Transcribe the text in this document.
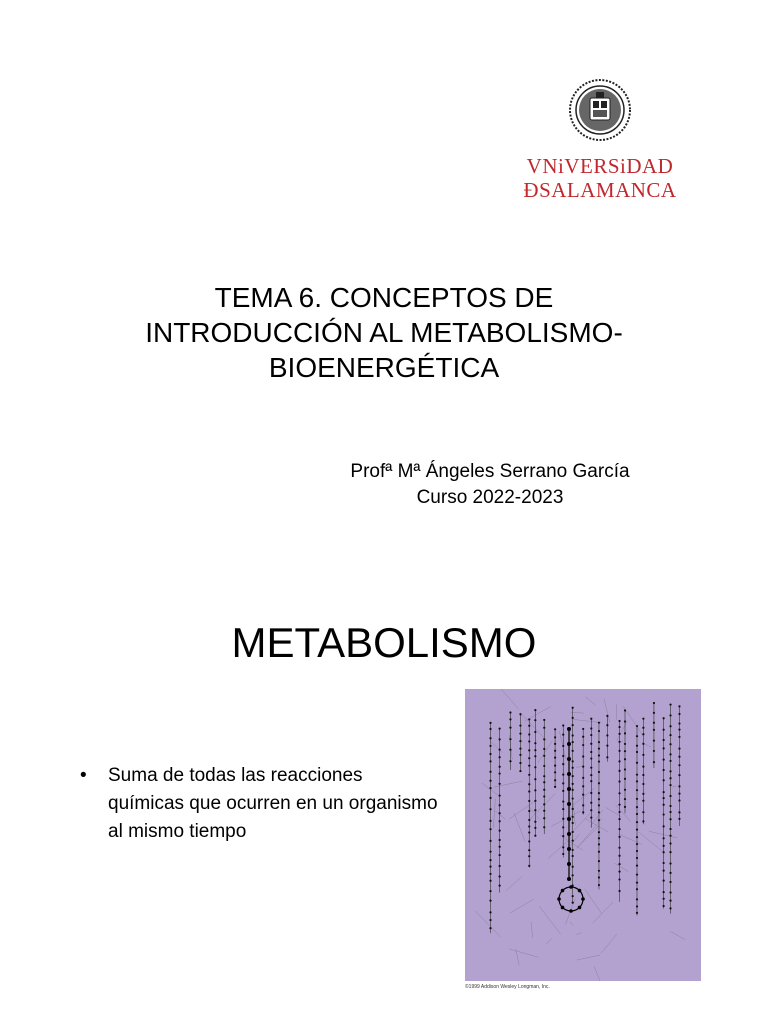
VNiVERSiDAD
ÐSALAMANCA
TEMA 6. CONCEPTOS DE
INTRODUCCIÓN AL METABOLISMO-
BIOENERGÉTICA
Profª Mª Ángeles Serrano García
Curso 2022-2023
METABOLISMO
• Suma de todas las reacciones químicas que ocurren en un organismo al mismo tiempo
©1999 Addison Wesley Longman, Inc.
